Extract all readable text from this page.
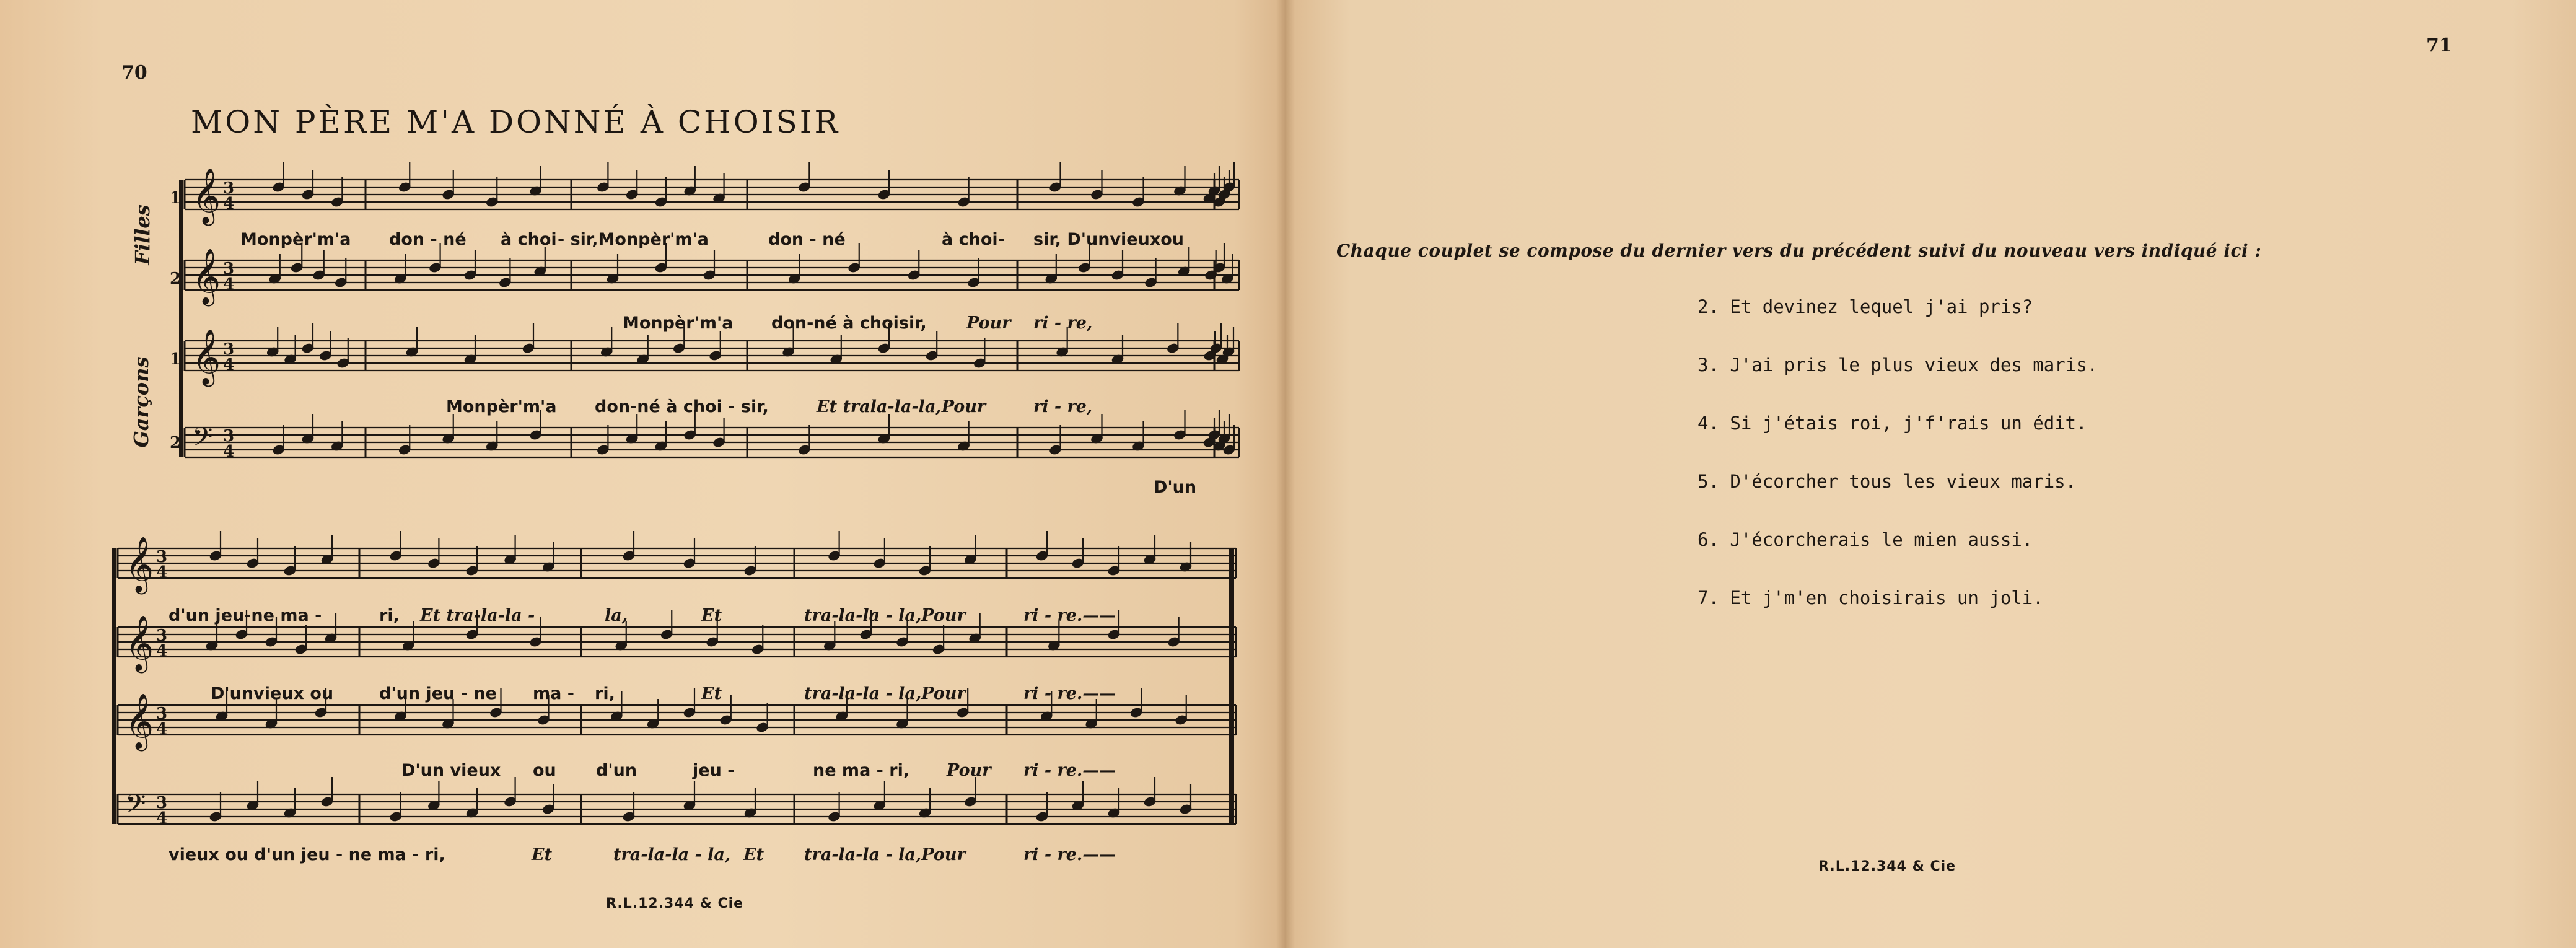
70
MON PÈRE M'A DONNÉ À CHOISIR
Filles
Garçons
1
2
1
2
𝄞 3
4
𝄞 3
4
𝄞 3
4
𝄢 3
4
𝄞 3
4
𝄞 3
4
𝄞 3
4
𝄢 3
4
Monpèr'm'a don - né à choi - sir,Monpèr'm'a	don - né	à choi- sir, D'unvieuxou
Monpèr'm'a don-né à choisir, Pour ri - re,
Monpèr'm'a don-né à choi - sir,	Et trala-la-la,Pour	ri - re,
D'un
d'un jeu-ne ma -	ri, Et tra-la-la -	la,	Et	tra-la-la - la,Pour	ri - re.——
D'unvieux ou	d'un jeu - ne ma - ri,	Et	tra-la-la - la,Pour	ri - re.——
D'un vieux ou d'un	jeu -	ne ma - ri, Pour ri - re.——
vieux ou d'un jeu - ne ma - ri,	Et	tra-la-la - la, Et tra-la-la - la,Pour	ri - re.——
R.L.12.344 & Cie
71
Chaque couplet se compose du dernier vers du précédent suivi du nouveau vers indiqué ici :
2. Et devinez lequel j'ai pris?
3. J'ai pris le plus vieux des maris.
4. Si j'étais roi, j'f'rais un édit.
5. D'écorcher tous les vieux maris.
6. J'écorcherais le mien aussi.
7. Et j'm'en choisirais un joli.
R.L.12.344 & Cie
